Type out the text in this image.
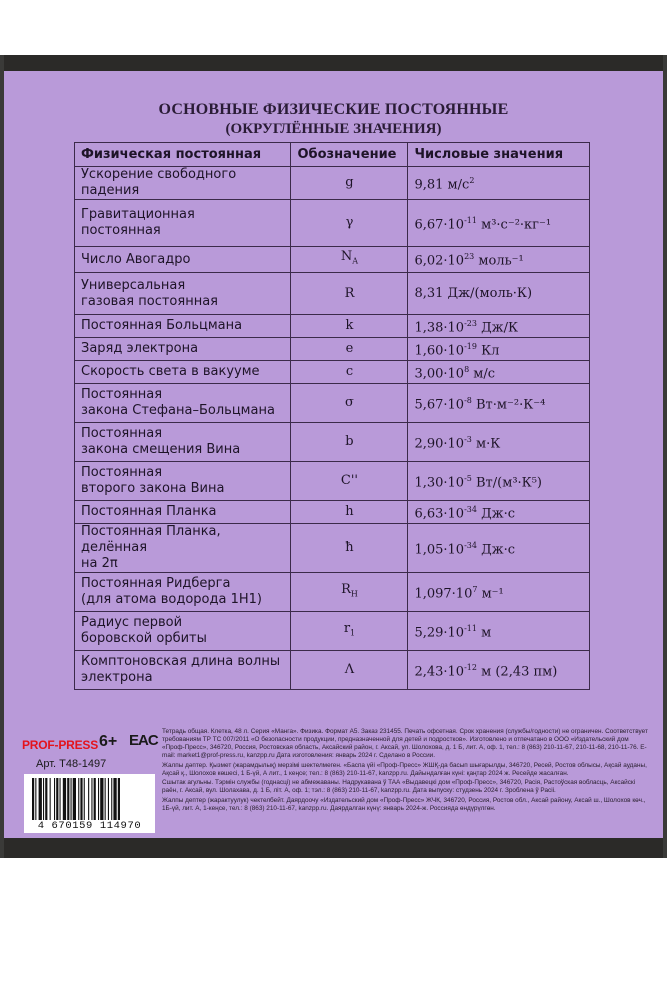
ОСНОВНЫЕ ФИЗИЧЕСКИЕ ПОСТОЯННЫЕ
(ОКРУГЛЁННЫЕ ЗНАЧЕНИЯ)
Физическая постоянная	Обозначение	Числовые значения

Ускорение свободного падения	g	9,81 $м/с^2$

Гравитационная
постоянная	γ	$6,67\cdot 10^{-11}$ м³·с⁻²·кг⁻¹

Число Авогадро	$N_A$	$6,02\cdot 10^{23}$ моль⁻¹

Универсальная
газовая постоянная	R	8,31 Дж/(моль·К)

Постоянная Больцмана	k	$1,38\cdot 10^{-23}$ Дж/К

Заряд электрона	e	$1,60\cdot 10^{-19}$ Кл

Скорость света в вакууме	c	$3,00\cdot 10^8$ м/с

Постоянная
закона Стефана–Больцмана	σ	$5,67\cdot 10^{-8}$ Вт·м⁻²·К⁻⁴

Постоянная
закона смещения Вина	b	$2,90\cdot 10^{-3}$ м·К

Постоянная
второго закона Вина	C''	$1,30\cdot 10^{-5}$ Вт/(м³·К⁵)

Постоянная Планка	h	$6,63\cdot 10^{-34}$ Дж·с

Постоянная Планка, делённая
на 2π	ħ	$1,05\cdot 10^{-34}$ Дж·с

Постоянная Ридберга
(для атома водорода 1H1)	$R_H$	$1,097\cdot 10^7$ м⁻¹

Радиус первой
боровской орбиты	$r_1$	$5,29\cdot 10^{-11}$ м

Комптоновская длина волны
электрона	Λ	$2,43\cdot 10^{-12}$ м (2,43 пм)
PROF-PRESS 6+ EAC
Арт. Т48-1497
4 670159 114970

Тетрадь общая. Клетка, 48 л. Серия «Манга». Физика. Формат А5. Заказ 231455. Печать офсетная. Срок хранения (службы/годности) не ограничен. Соответствует требованиям ТР ТС 007/2011 «О безопасности продукции, предназначенной для детей и подростков». Изготовлено и отпечатано в ООО «Издательский дом «Проф-Пресс», 346720, Россия, Ростовская область, Аксайский район, г. Аксай, ул. Шолохова, д. 1 Б, лит. А, оф. 1, тел.: 8 (863) 210-11-67, 210-11-68, 210-11-76. E-mail: market1@prof-press.ru, kanzpp.ru Дата изготовления: январь 2024 г. Сделано в России.

Жалпы дәптер. Қызмет (жарамдылық) мерзімі шектелмеген. «Баспа үйі «Проф-Пресс» ЖШҚ-да басып шығарылды, 346720, Ресей, Ростов облысы, Ақсай ауданы, Ақсай қ., Шолохов көшесі, 1 Б-үй, А лит., 1 кеңсе; тел.: 8 (863) 210-11-67, kanzpp.ru. Дайындалған күні: қаңтар 2024 ж. Ресейде жасалған.

Сшытак агульны. Тэрмін службы (годнасці) не абмежаваны. Надрукавана ў ТАА «Выдавецкі дом «Проф-Пресс», 346720, Расія, Растоўская вобласць, Аксайскі раён, г. Аксай, вул. Шолахава, д. 1 Б, літ. А, оф. 1; тэл.: 8 (863) 210-11-67, kanzpp.ru. Дата выпуску: студзень 2024 г. Зроблена ў Расіі.

Жалпы дептер (жарактуулук) чектелбейт. Даярдоочу «Издательский дом «Проф-Пресс» ЖЧК, 346720, Россия, Ростов обл., Аксай району, Аксай ш., Шолохов көч., 1Б-үй, лит. А, 1-кеңсе, тел.: 8 (863) 210-11-67, kanzpp.ru. Даярдалган күнү: январь 2024-ж. Россияда өндүрүлгөн.
